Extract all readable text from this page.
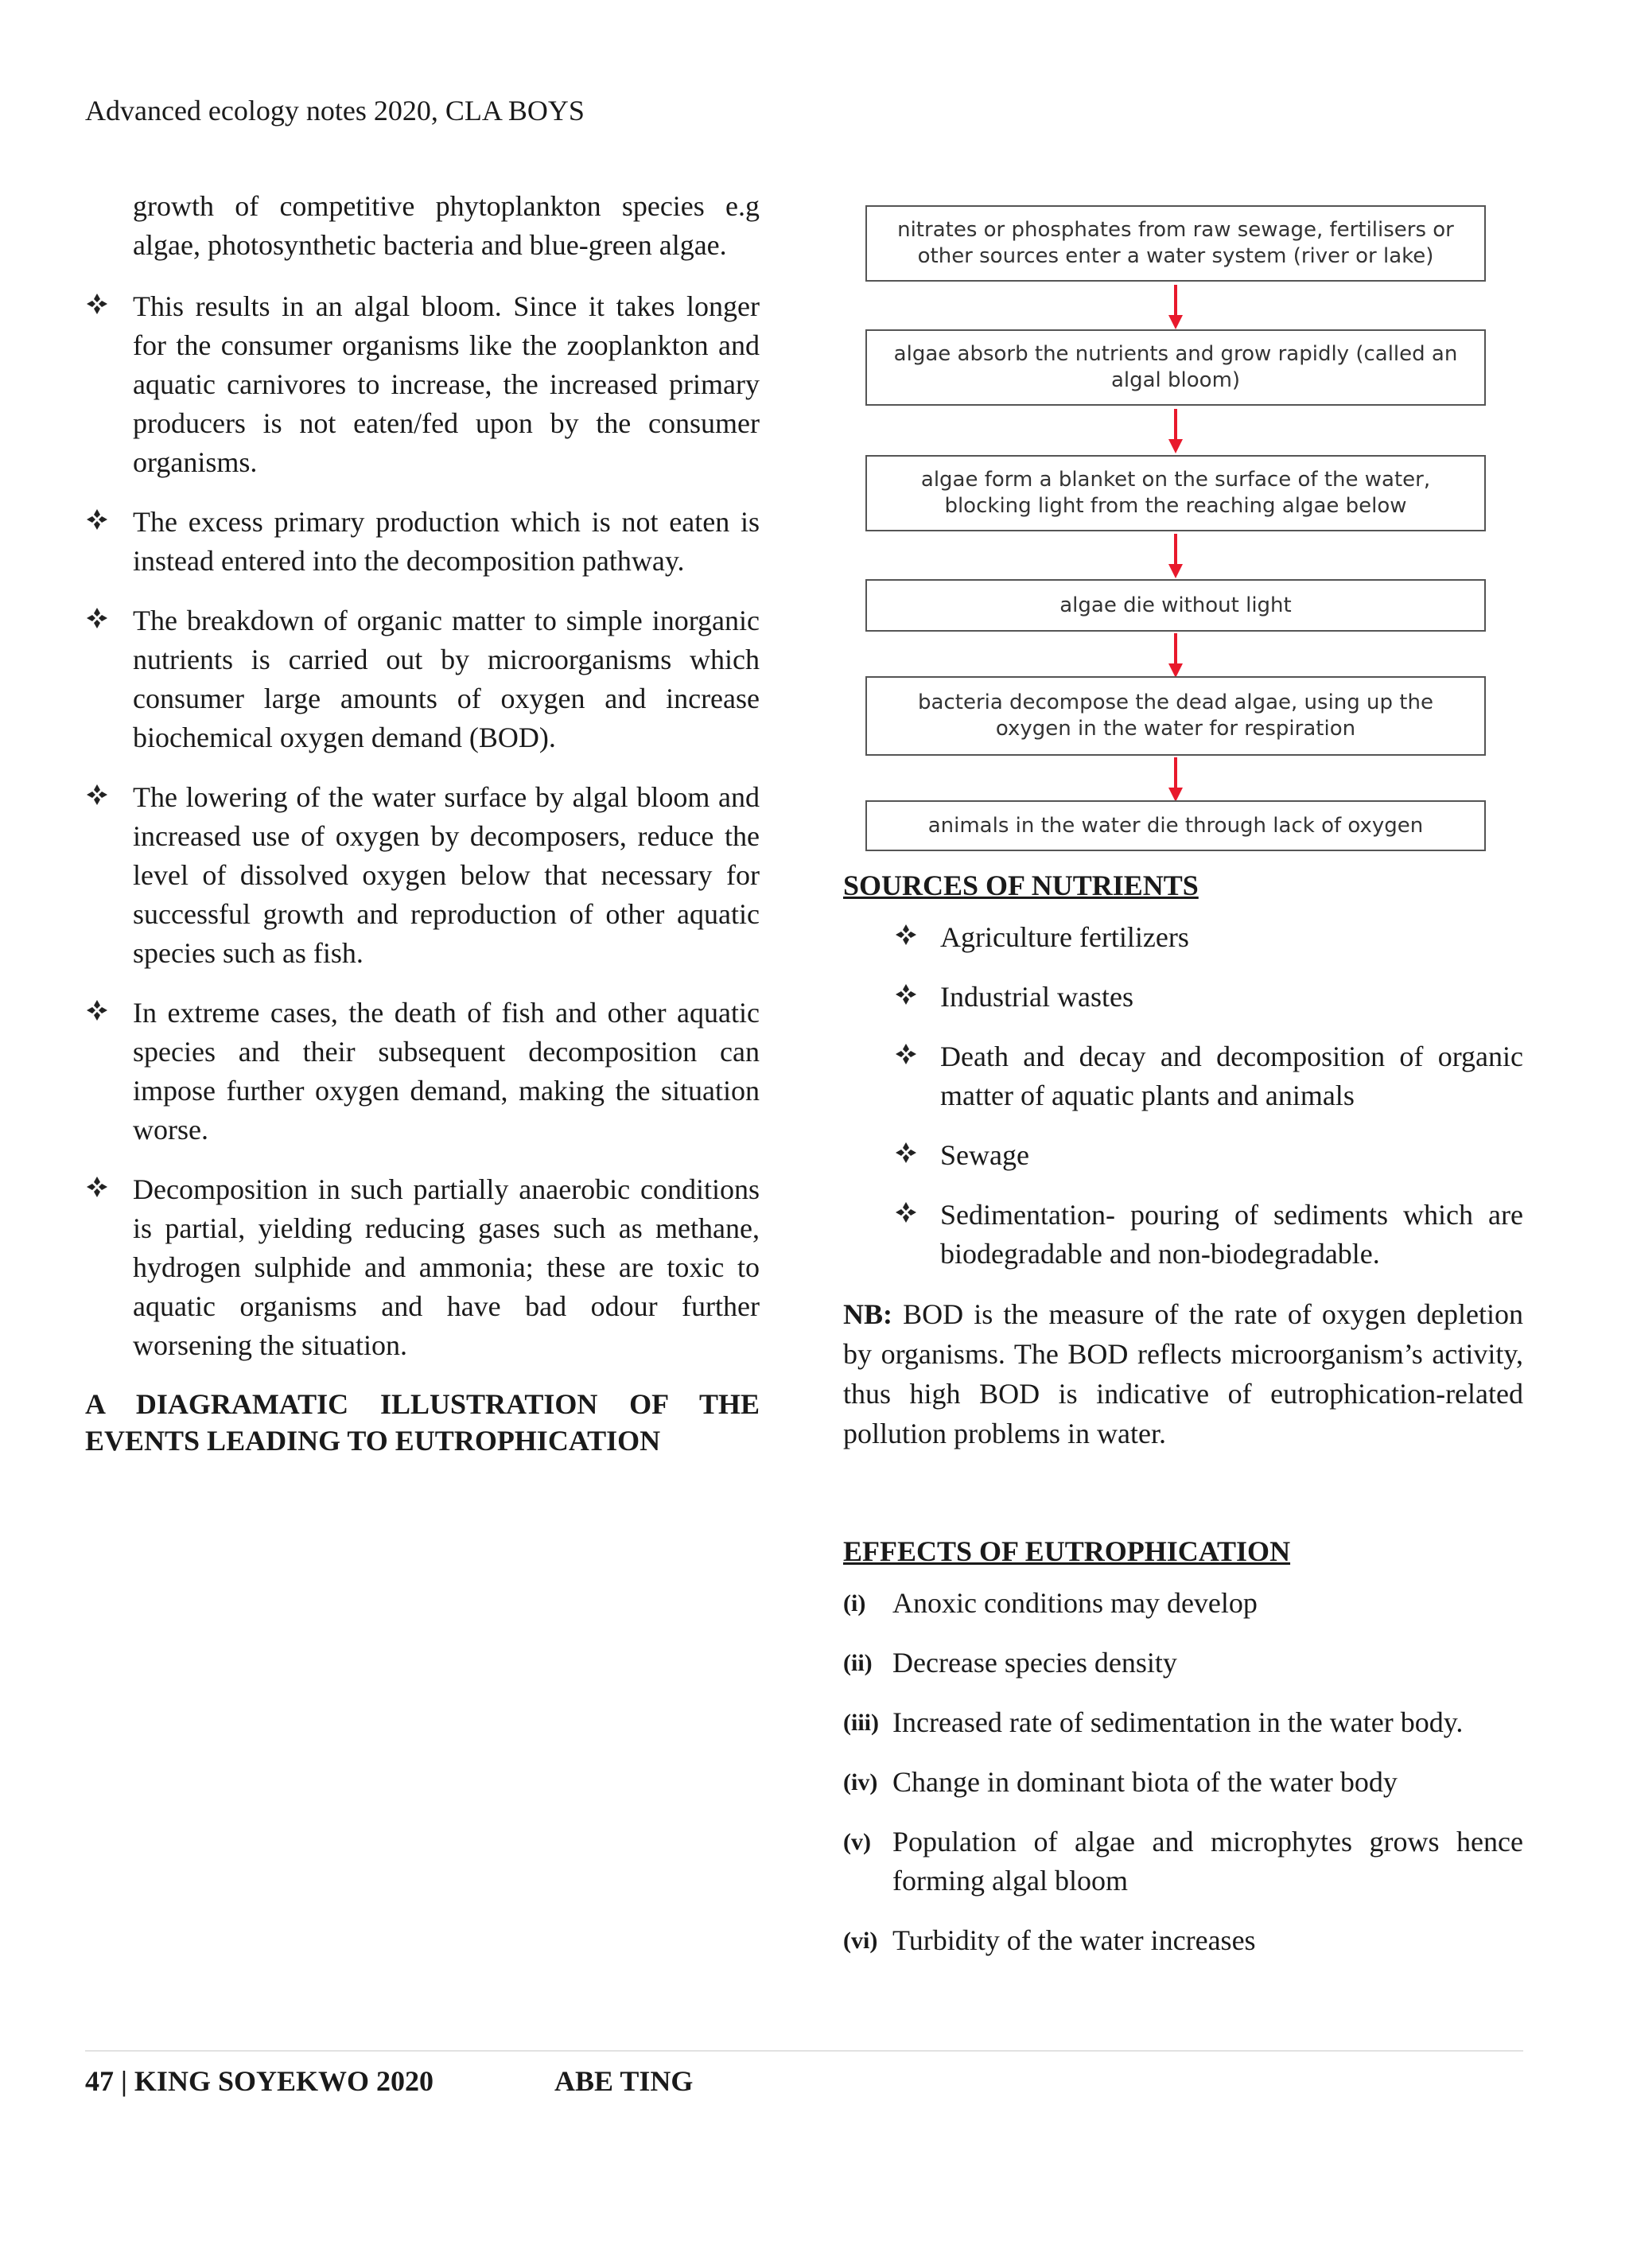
Advanced ecology notes 2020, CLA BOYS

growth of competitive phytoplankton species e.g algae, photosynthetic bacteria and blue-green algae.

This results in an algal bloom. Since it takes longer for the consumer organisms like the zooplankton and aquatic carnivores to increase, the increased primary producers is not eaten/fed upon by the consumer organisms.
The excess primary production which is not eaten is instead entered into the decomposition pathway.
The breakdown of organic matter to simple inorganic nutrients is carried out by microorganisms which consumer large amounts of oxygen and increase biochemical oxygen demand (BOD).
The lowering of the water surface by algal bloom and increased use of oxygen by decomposers, reduce the level of dissolved oxygen below that necessary for successful growth and reproduction of other aquatic species such as fish.
In extreme cases, the death of fish and other aquatic species and their subsequent decomposition can impose further oxygen demand, making the situation worse.
Decomposition in such partially anaerobic conditions is partial, yielding reducing gases such as methane, hydrogen sulphide and ammonia; these are toxic to aquatic organisms and have bad odour further worsening the situation.
A DIAGRAMATIC ILLUSTRATION OF THE
EVENTS LEADING TO EUTROPHICATION
nitrates or phosphates from raw sewage, fertilisers or other sources enter a water system (river or lake)
algae absorb the nutrients and grow rapidly (called an algal bloom)
algae form a blanket on the surface of the water, blocking light from the reaching algae below
algae die without light
bacteria decompose the dead algae, using up the oxygen in the water for respiration
animals in the water die through lack of oxygen
SOURCES OF NUTRIENTS
Agriculture fertilizers
Industrial wastes
Death and decay and decomposition of organic matter of aquatic plants and animals
Sewage
Sedimentation- pouring of sediments which are biodegradable and non-biodegradable.
NB: BOD is the measure of the rate of oxygen depletion by organisms. The BOD reflects microorganism’s activity, thus high BOD is indicative of eutrophication-related pollution problems in water.
EFFECTS OF EUTROPHICATION
(i) Anoxic conditions may develop
(ii) Decrease species density
(iii) Increased rate of sedimentation in the water body.
(iv) Change in dominant biota of the water body
(v) Population of algae and microphytes grows hence forming algal bloom
(vi) Turbidity of the water increases
47 | KING SOYEKWO 2020	ABE TING
